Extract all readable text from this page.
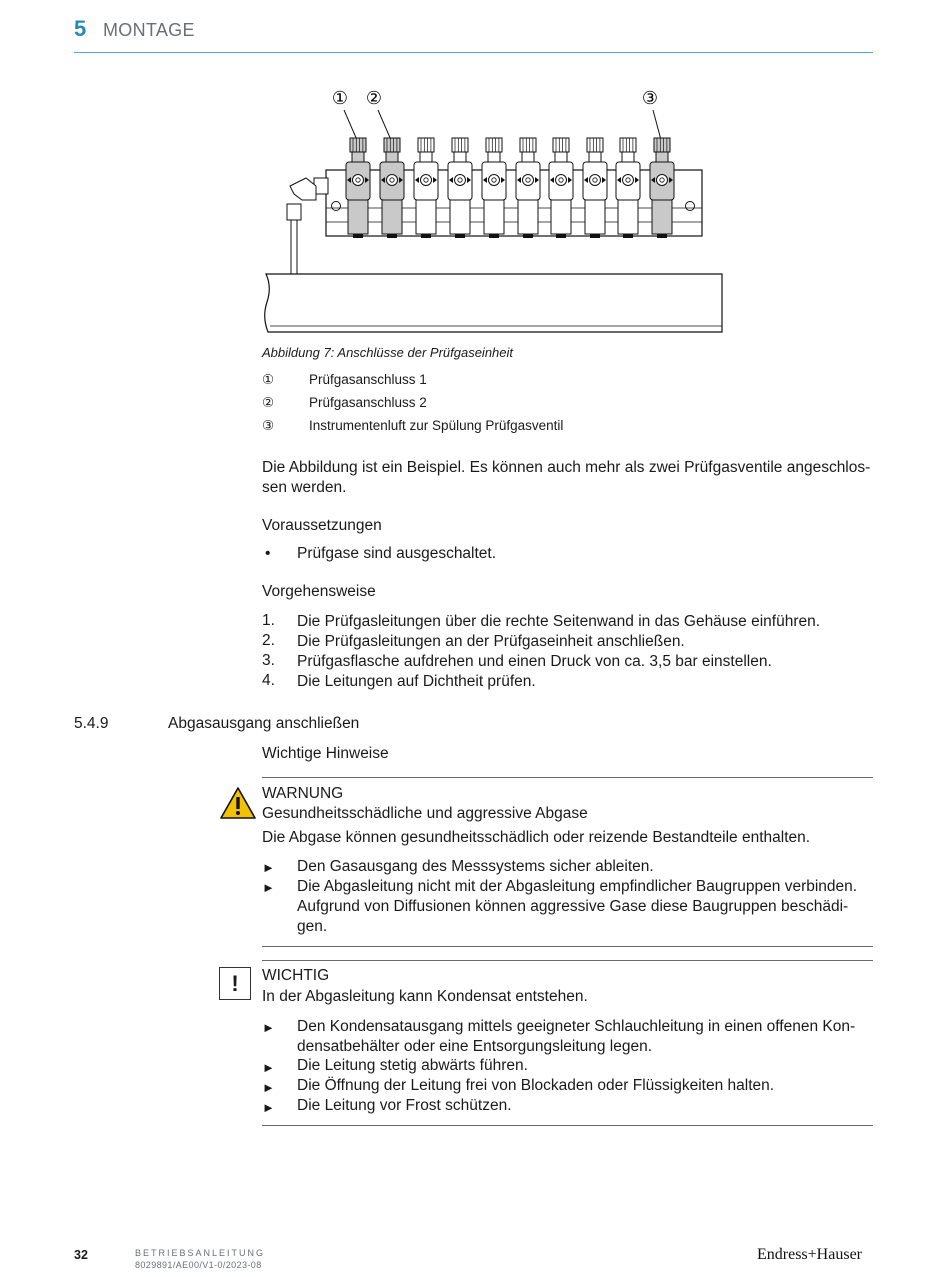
5 MONTAGE
① ②	③
Abbildung 7: Anschlüsse der Prüfgaseinheit
①	Prüfgasanschluss 1
②	Prüfgasanschluss 2
③	Instrumentenluft zur Spülung Prüfgasventil
Die Abbildung ist ein Beispiel. Es können auch mehr als zwei Prüfgasventile angeschlos-
sen werden.
Voraussetzungen
• Prüfgase sind ausgeschaltet.
Vorgehensweise
1. Die Prüfgasleitungen über die rechte Seitenwand in das Gehäuse einführen.
2. Die Prüfgasleitungen an der Prüfgaseinheit anschließen.
3. Prüfgasflasche aufdrehen und einen Druck von ca. 3,5 bar einstellen.
4. Die Leitungen auf Dichtheit prüfen.
5.4.9	Abgasausgang anschließen
Wichtige Hinweise
WARNUNG
Gesundheitsschädliche und aggressive Abgase
Die Abgase können gesundheitsschädlich oder reizende Bestandteile enthalten.
► Den Gasausgang des Messsystems sicher ableiten.
► Die Abgasleitung nicht mit der Abgasleitung empfindlicher Baugruppen verbinden.
Aufgrund von Diffusionen können aggressive Gase diese Baugruppen beschädi-
gen.
!	WICHTIG
In der Abgasleitung kann Kondensat entstehen.
► Den Kondensatausgang mittels geeigneter Schlauchleitung in einen offenen Kon-
densatbehälter oder eine Entsorgungsleitung legen.
► Die Leitung stetig abwärts führen.
► Die Öffnung der Leitung frei von Blockaden oder Flüssigkeiten halten.
► Die Leitung vor Frost schützen.
32	BETRIEBSANLEITUNG
8029891/AE00/V1-0/2023-08
Endress+Hauser
